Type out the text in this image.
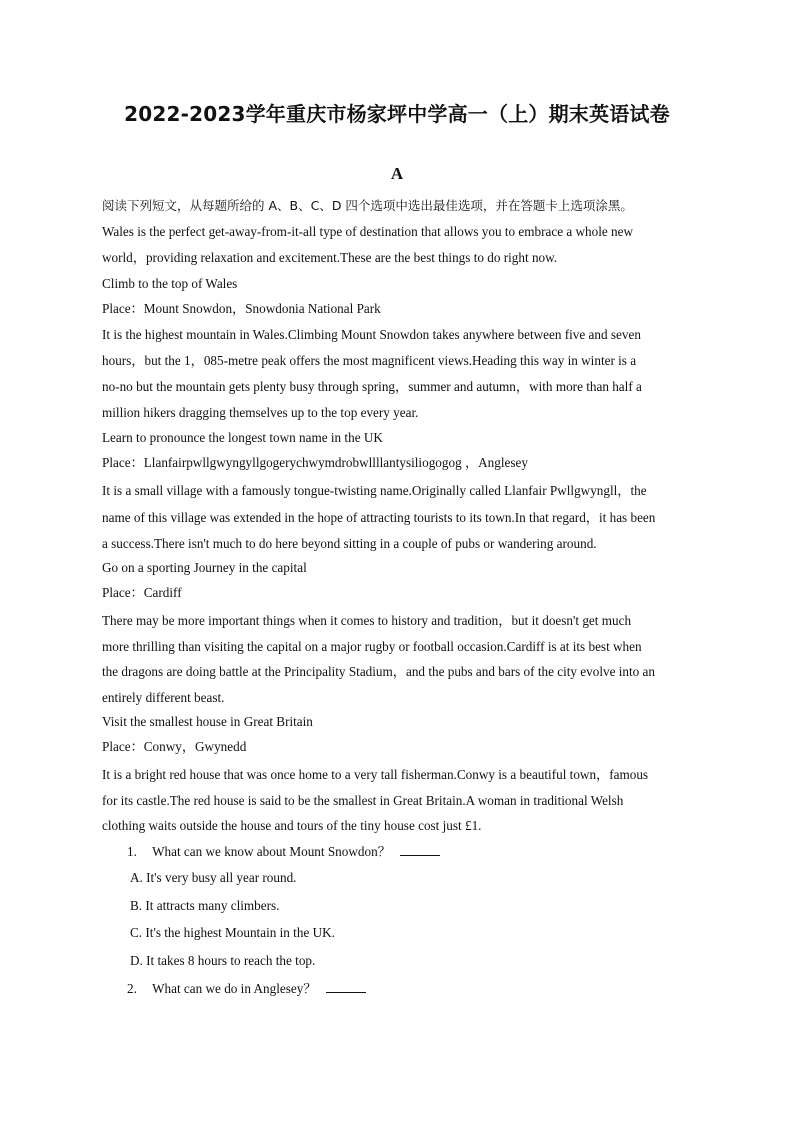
2022-2023学年重庆市杨家坪中学高一（上）期末英语试卷
A
阅读下列短文，从每题所给的 A、B、C、D 四个选项中选出最佳选项，并在答题卡上选项涂黑。
Wales is the perfect get-away-from-it-all type of destination that allows you to embrace a whole new
world，providing relaxation and excitement.These are the best things to do right now.
Climb to the top of Wales
Place：Mount Snowdon，Snowdonia National Park
It is the highest mountain in Wales.Climbing Mount Snowdon takes anywhere between five and seven
hours，but the 1，085-metre peak offers the most magnificent views.Heading this way in winter is a
no-no but the mountain gets plenty busy through spring，summer and autumn，with more than half a
million hikers dragging themselves up to the top every year.
Learn to pronounce the longest town name in the UK
Place：Llanfairpwllgwyngyllgogerychwymdrobwllllantysiliogogog ，Anglesey
It is a small village with a famously tongue-twisting name.Originally called Llanfair Pwllgwyngll，the
name of this village was extended in the hope of attracting tourists to its town.In that regard，it has been
a success.There isn't much to do here beyond sitting in a couple of pubs or wandering around.
Go on a sporting Journey in the capital
Place：Cardiff
There may be more important things when it comes to history and tradition，but it doesn't get much
more thrilling than visiting the capital on a major rugby or football occasion.Cardiff is at its best when
the dragons are doing battle at the Principality Stadium，and the pubs and bars of the city evolve into an
entirely different beast.
Visit the smallest house in Great Britain
Place：Conwy，Gwynedd
It is a bright red house that was once home to a very tall fisherman.Conwy is a beautiful town，famous
for its castle.The red house is said to be the smallest in Great Britain.A woman in traditional Welsh
clothing waits outside the house and tours of the tiny house cost just £1.
1. What can we know about Mount Snowdon？
A. It's very busy all year round.
B. It attracts many climbers.
C. It's the highest Mountain in the UK.
D. It takes 8 hours to reach the top.
2. What can we do in Anglesey？
